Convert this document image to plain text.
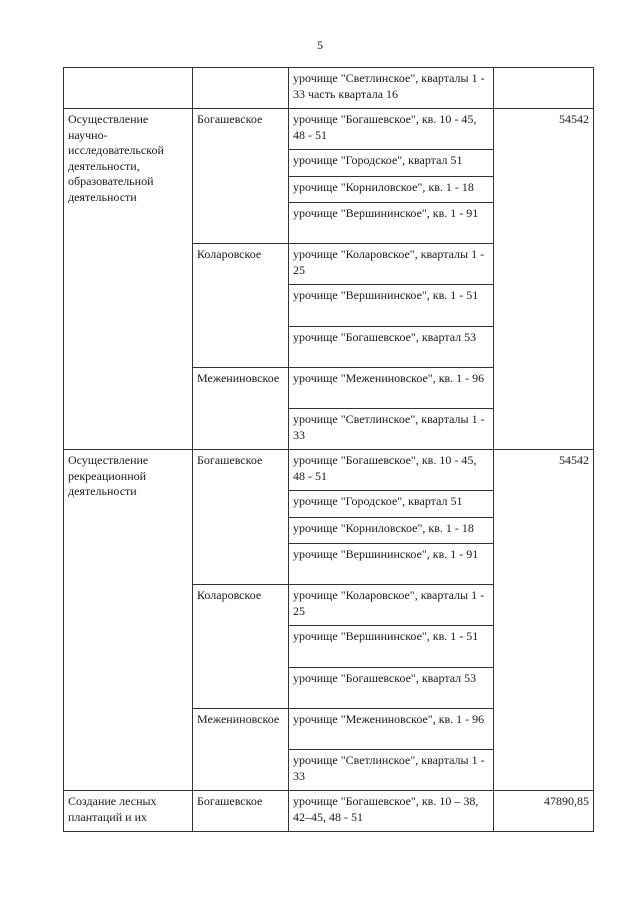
5
		урочище "Светлинское", кварталы 1 - 33 часть квартала 16	
Осуществление научно-исследовательской деятельности, образовательной деятельности	Богашевское	урочище "Богашевское", кв. 10 - 45, 48 - 51	54542
		урочище "Городское", квартал 51	
		урочище "Корниловское", кв. 1 - 18	
		урочище "Вершининское", кв. 1 - 91	
	Коларовское	урочище "Коларовское", кварталы 1 - 25	
		урочище "Вершининское", кв. 1 - 51	
		урочище "Богашевское", квартал 53	
	Межениновское	урочище "Межениновское", кв. 1 - 96	
		урочище "Светлинское", кварталы 1 - 33	
Осуществление рекреационной деятельности	Богашевское	урочище "Богашевское", кв. 10 - 45, 48 - 51	54542
		урочище "Городское", квартал 51	
		урочище "Корниловское", кв. 1 - 18	
		урочище "Вершининское", кв. 1 - 91	
	Коларовское	урочище "Коларовское", кварталы 1 - 25	
		урочище "Вершининское", кв. 1 - 51	
		урочище "Богашевское", квартал 53	
	Межениновское	урочище "Межениновское", кв. 1 - 96	
		урочище "Светлинское", кварталы 1 - 33	
Создание лесных плантаций и их	Богашевское	урочище "Богашевское", кв. 10 – 38, 42–45, 48 - 51	47890,85
